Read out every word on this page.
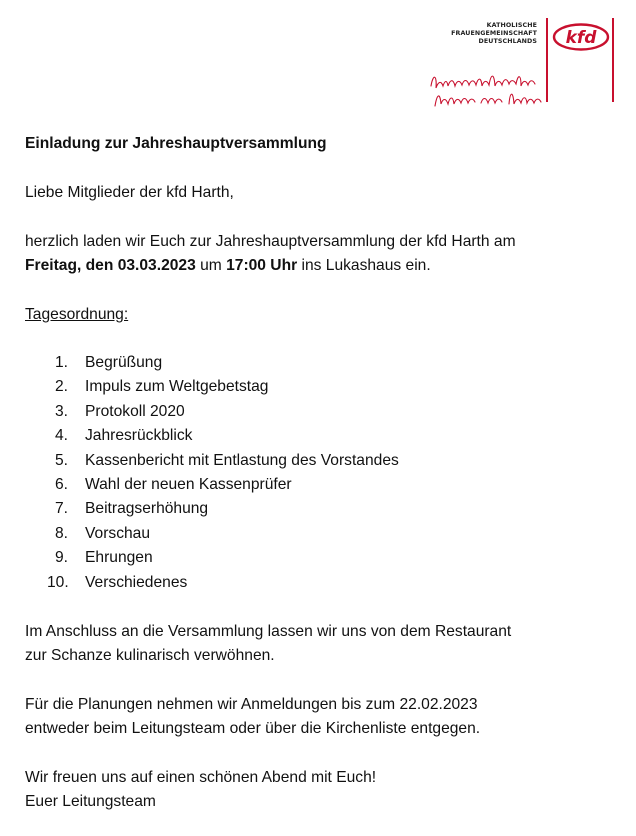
KATHOLISCHE
FRAUENGEMEINSCHAFT
DEUTSCHLANDS kfd
Einladung zur Jahreshauptversammlung
Liebe Mitglieder der kfd Harth,
herzlich laden wir Euch zur Jahreshauptversammlung der kfd Harth am
Freitag, den 03.03.2023 um 17:00 Uhr ins Lukashaus ein.
Tagesordnung:
1.	Begrüßung
2.	Impuls zum Weltgebetstag
3.	Protokoll 2020
4.	Jahresrückblick
5.	Kassenbericht mit Entlastung des Vorstandes
6.	Wahl der neuen Kassenprüfer
7.	Beitragserhöhung
8.	Vorschau
9.	Ehrungen
10.	Verschiedenes
Im Anschluss an die Versammlung lassen wir uns von dem Restaurant
zur Schanze kulinarisch verwöhnen.
Für die Planungen nehmen wir Anmeldungen bis zum 22.02.2023
entweder beim Leitungsteam oder über die Kirchenliste entgegen.
Wir freuen uns auf einen schönen Abend mit Euch!
Euer Leitungsteam
